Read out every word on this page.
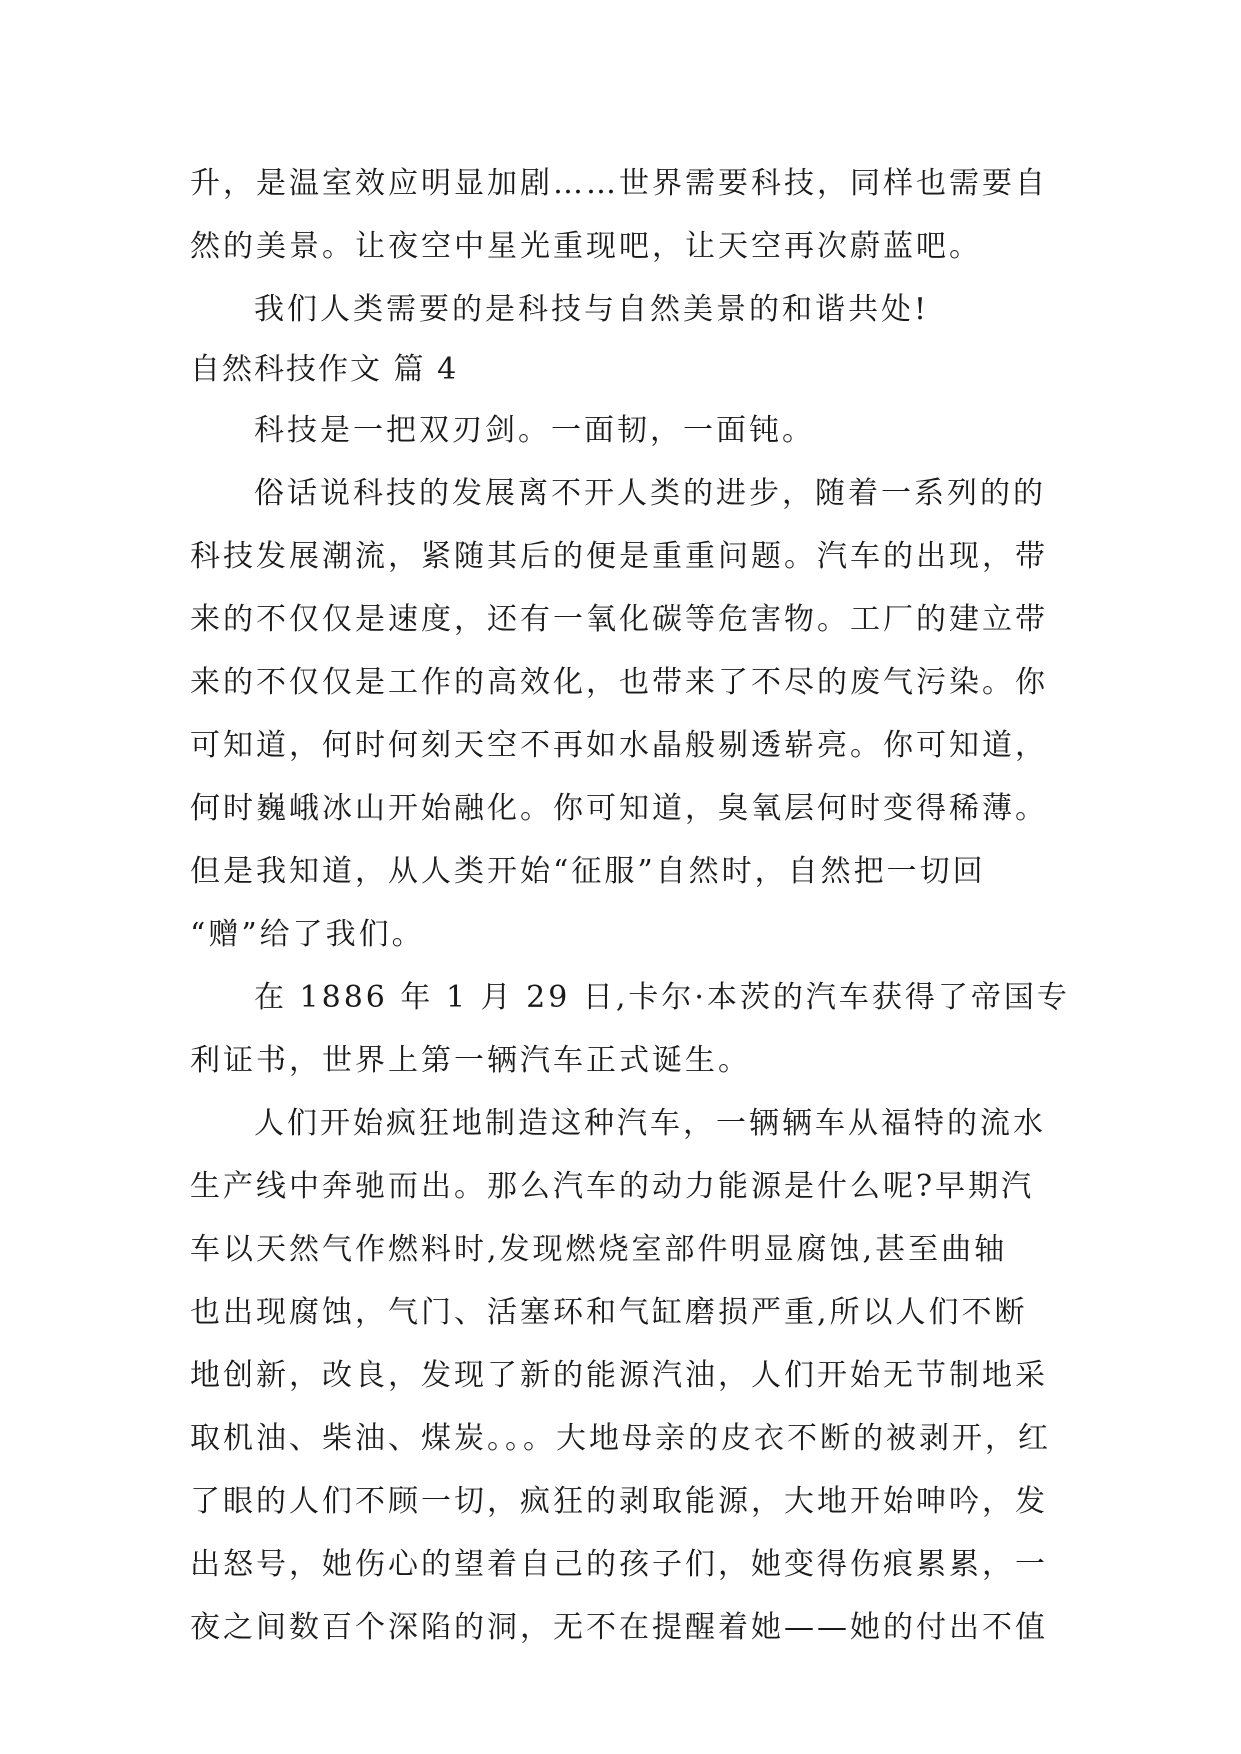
升，是温室效应明显加剧……世界需要科技，同样也需要自
然的美景。让夜空中星光重现吧，让天空再次蔚蓝吧。
我们人类需要的是科技与自然美景的和谐共处!
自然科技作文 篇 4
科技是一把双刃剑。一面韧，一面钝。
俗话说科技的发展离不开人类的进步，随着一系列的的
科技发展潮流，紧随其后的便是重重问题。汽车的出现，带
来的不仅仅是速度，还有一氧化碳等危害物。工厂的建立带
来的不仅仅是工作的高效化，也带来了不尽的废气污染。你
可知道，何时何刻天空不再如水晶般剔透崭亮。你可知道，
何时巍峨冰山开始融化。你可知道，臭氧层何时变得稀薄。
但是我知道，从人类开始“征服”自然时，自然把一切回
“赠”给了我们。
在 1886 年 1 月 29 日,卡尔·本茨的汽车获得了帝国专
利证书，世界上第一辆汽车正式诞生。
人们开始疯狂地制造这种汽车，一辆辆车从福特的流水
生产线中奔驰而出。那么汽车的动力能源是什么呢?早期汽
车以天然气作燃料时,发现燃烧室部件明显腐蚀,甚至曲轴
也出现腐蚀，气门、活塞环和气缸磨损严重,所以人们不断
地创新，改良，发现了新的能源汽油，人们开始无节制地采
取机油、柴油、煤炭。。。大地母亲的皮衣不断的被剥开，红
了眼的人们不顾一切，疯狂的剥取能源，大地开始呻吟，发
出怒号，她伤心的望着自己的孩子们，她变得伤痕累累，一
夜之间数百个深陷的洞，无不在提醒着她——她的付出不值
